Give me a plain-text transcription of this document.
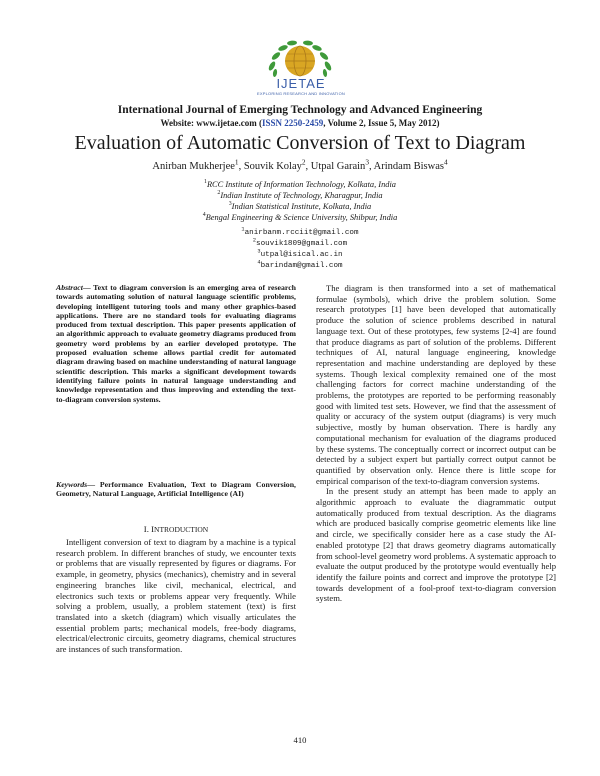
IJETAE
EXPLORING RESEARCH AND INNOVATION
International Journal of Emerging Technology and Advanced Engineering
Website: www.ijetae.com (ISSN 2250-2459, Volume 2, Issue 5, May 2012)
Evaluation of Automatic Conversion of Text to Diagram
Anirban Mukherjee$^1$, Souvik Kolay$^2$, Utpal Garain$^3$, Arindam Biswas$^4$
$^1$RCC Institute of Information Technology, Kolkata, India
$^2$Indian Institute of Technology, Kharagpur, India
$^3$Indian Statistical Institute, Kolkata, India
$^4$Bengal Engineering & Science University, Shibpur, India
$^1$anirbanm.rcciit@gmail.com
$^2$souvik1809@gmail.com
$^3$utpal@isical.ac.in
$^4$barindam@gmail.com
Abstract— Text to diagram conversion is an emerging area of research towards automating solution of natural language scientific problems, developing intelligent tutoring tools and many other graphics-based applications. There are no standard tools for evaluating diagrams produced from textual description. This paper presents application of an algorithmic approach to evaluate geometry diagrams produced from geometry word problems by an earlier developed prototype. The proposed evaluation scheme allows partial credit for automated diagram drawing based on machine understanding of natural language scientific description. This marks a significant development towards identifying failure points in natural language understanding and knowledge representation and thus improving and extending the text-to-diagram conversion systems.
Keywords— Performance Evaluation, Text to Diagram Conversion, Geometry, Natural Language, Artificial Intelligence (AI)
I. INTRODUCTION

Intelligent conversion of text to diagram by a machine is a typical research problem. In different branches of study, we encounter texts or problems that are visually represented by figures or diagrams. For example, in geometry, physics (mechanics), chemistry and in several engineering branches like civil, mechanical, electrical, and electronics such texts or problems appear very frequently. While solving a problem, usually, a problem statement (text) is first translated into a sketch (diagram) which visually articulates the essential problem parts; mechanical models, free-body diagrams, electrical/electronic circuits, geometry diagrams, chemical structures are instances of such transformation.

The diagram is then transformed into a set of mathematical formulae (symbols), which drive the problem solution. Some research prototypes [1] have been developed that automatically produce the solution of science problems described in natural language text. Out of these prototypes, few systems [2-4] are found that produce diagrams as part of solution of the problems. Different techniques of AI, natural language engineering, knowledge representation and machine understanding are deployed by these systems. Though lexical complexity remained one of the most challenging factors for correct machine understanding of the problems, the prototypes are reported to be performing reasonably good with limited test sets. However, we find that the assessment of quality or accuracy of the system output (diagrams) is very much subjective, mostly by human observation. There is hardly any computational mechanism for evaluation of the diagrams produced by these systems. The conceptually correct or incorrect output can be detected by a subject expert but partially correct output cannot be quantified by observation only. Hence there is little scope for empirical comparison of the text-to-diagram conversion systems.

In the present study an attempt has been made to apply an algorithmic approach to evaluate the diagrammatic output automatically produced from textual description. As the diagrams which are produced basically comprise geometric elements like line and circle, we specifically consider here as a case study the AI-enabled prototype [2] that draws geometry diagrams automatically from school-level geometry word problems. A systematic approach to evaluate the output produced by the prototype would eventually help identify the failure points and correct and improve the prototype [2] towards development of a fool-proof text-to-diagram conversion system.

410
